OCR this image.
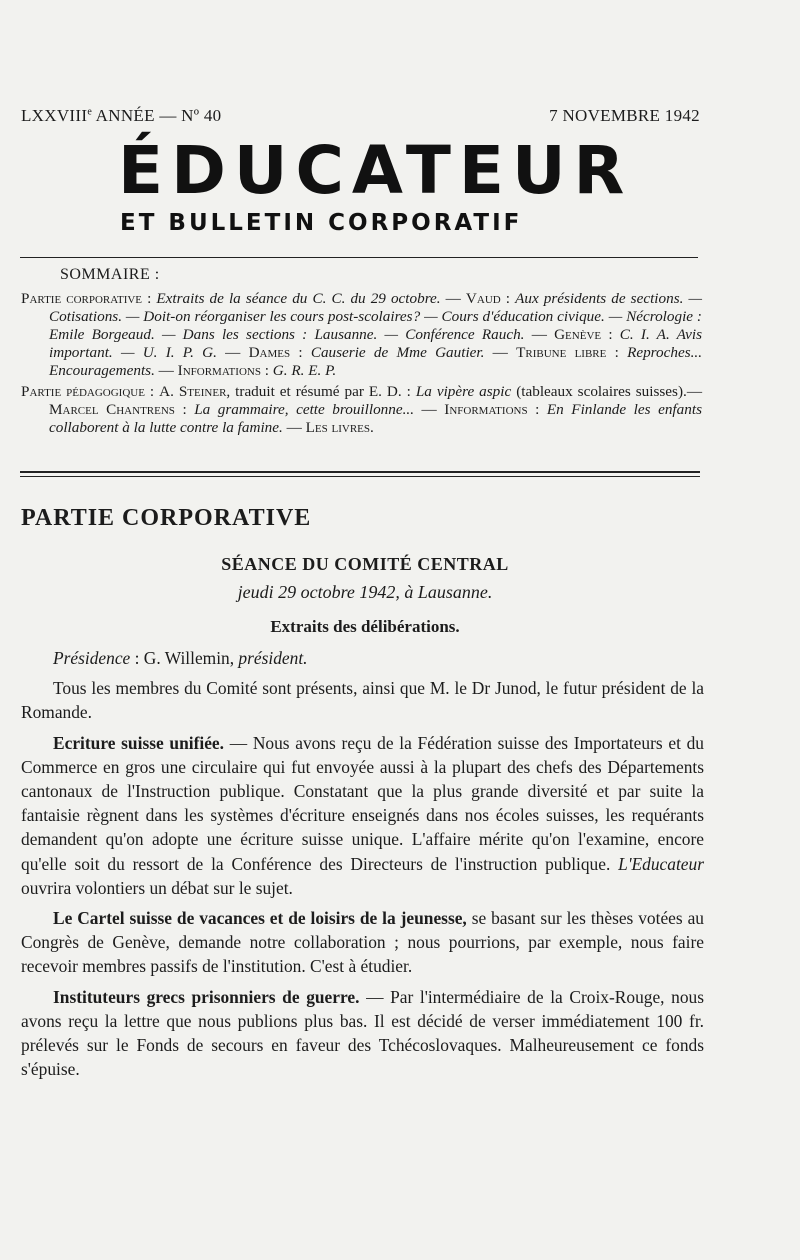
LXXVIIIe ANNÉE — Nº 40	7 NOVEMBRE 1942
ÉDUCATEUR
ET BULLETIN CORPORATIF
SOMMAIRE :

Partie corporative : Extraits de la séance du C. C. du 29 octobre. — Vaud : Aux présidents de sections. — Cotisations. — Doit-on réorganiser les cours post-scolaires? — Cours d'éducation civique. — Nécrologie : Emile Borgeaud. — Dans les sections : Lausanne. — Conférence Rauch. — Genève : C. I. A. Avis important. — U. I. P. G. — Dames : Causerie de Mme Gautier. — Tribune libre : Reproches... Encouragements. — Informations : G. R. E. P.

Partie pédagogique : A. Steiner, traduit et résumé par E. D. : La vipère aspic (tableaux scolaires suisses).— Marcel Chantrens : La grammaire, cette brouillonne... — Informations : En Finlande les enfants collaborent à la lutte contre la famine. — Les livres.

PARTIE CORPORATIVE
SÉANCE DU COMITÉ CENTRAL
jeudi 29 octobre 1942, à Lausanne.
Extraits des délibérations.

Présidence : G. Willemin, président.

Tous les membres du Comité sont présents, ainsi que M. le Dr Junod, le futur président de la Romande.

Ecriture suisse unifiée. — Nous avons reçu de la Fédération suisse des Importateurs et du Commerce en gros une circulaire qui fut envoyée aussi à la plupart des chefs des Départements cantonaux de l'Instruction publique. Constatant que la plus grande diversité et par suite la fantaisie règnent dans les systèmes d'écriture enseignés dans nos écoles suisses, les requérants demandent qu'on adopte une écriture suisse unique. L'affaire mérite qu'on l'examine, encore qu'elle soit du ressort de la Conférence des Directeurs de l'instruction publique. L'Educateur ouvrira volontiers un débat sur le sujet.

Le Cartel suisse de vacances et de loisirs de la jeunesse, se basant sur les thèses votées au Congrès de Genève, demande notre collaboration ; nous pourrions, par exemple, nous faire recevoir membres passifs de l'institution. C'est à étudier.

Instituteurs grecs prisonniers de guerre. — Par l'intermédiaire de la Croix-Rouge, nous avons reçu la lettre que nous publions plus bas. Il est décidé de verser immédiatement 100 fr. prélevés sur le Fonds de secours en faveur des Tchécoslovaques. Malheureusement ce fonds s'épuise.
